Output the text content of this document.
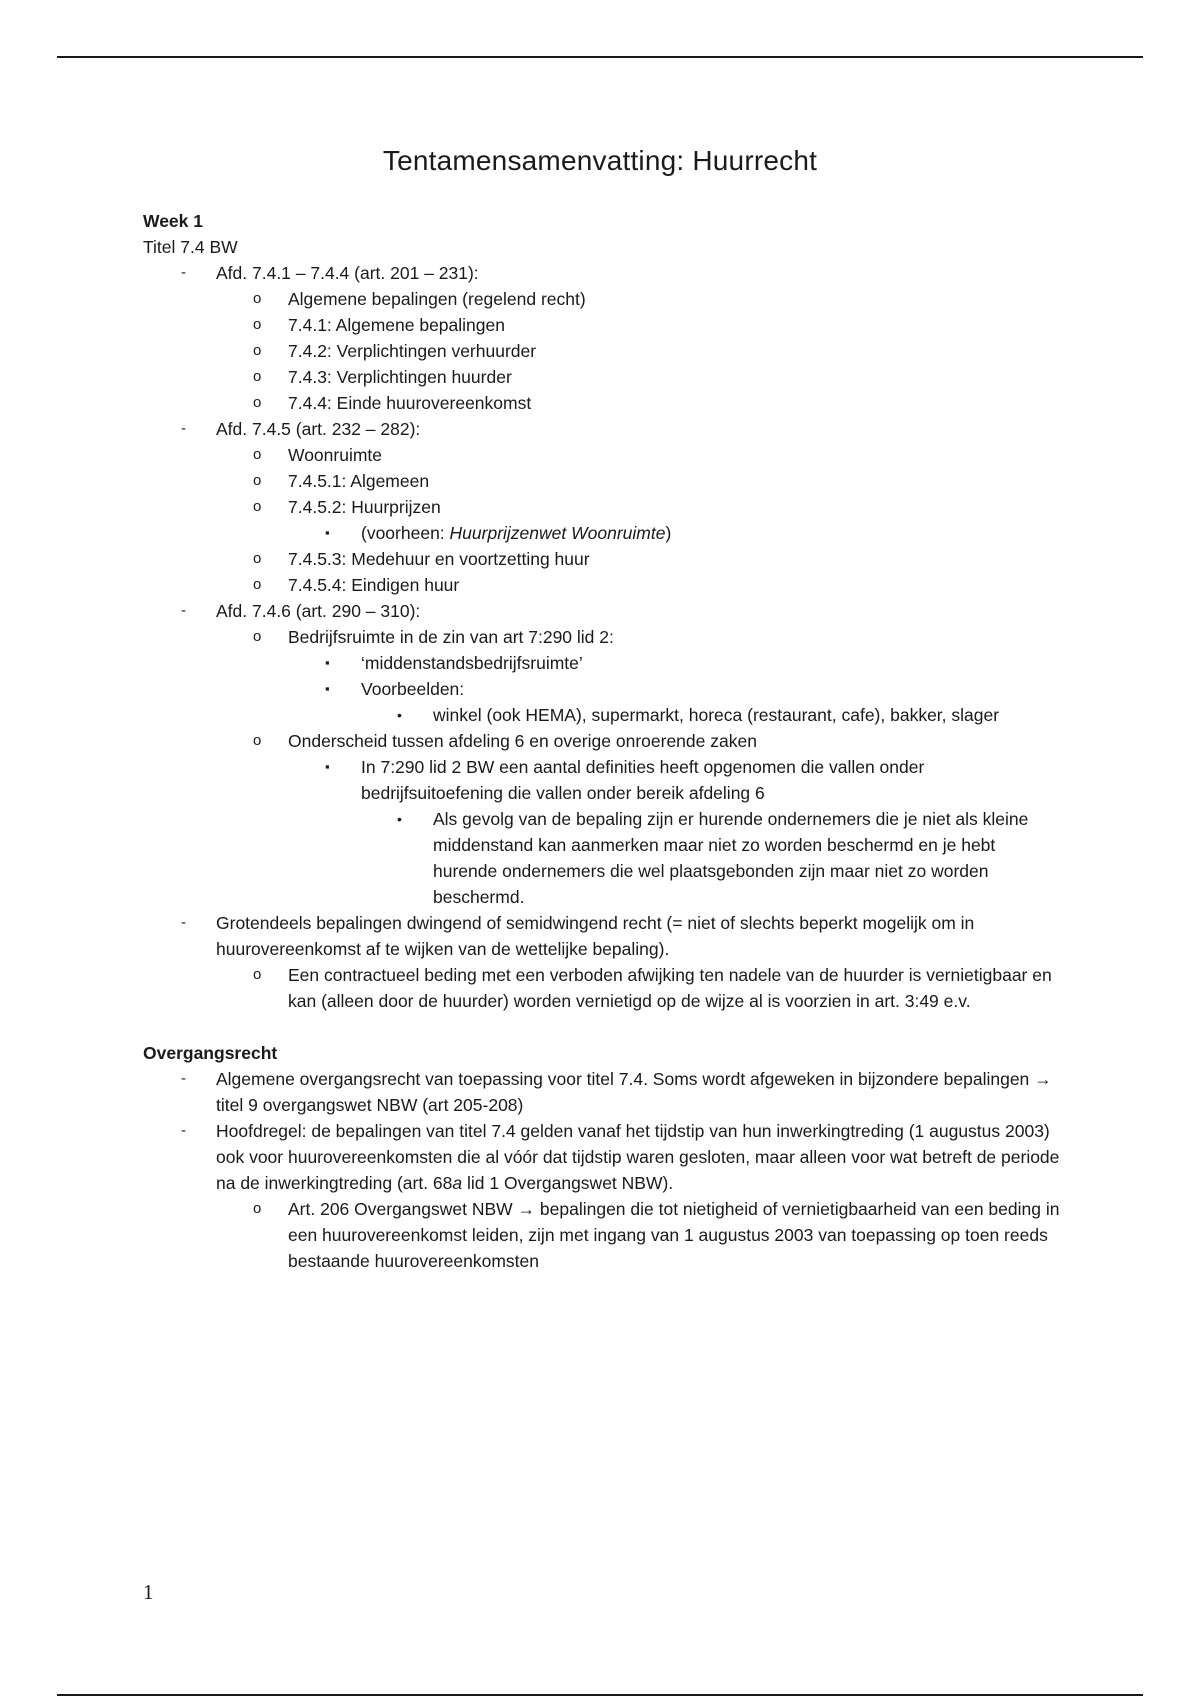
Tentamensamenvatting: Huurrecht
Week 1
Titel 7.4 BW
- Afd. 7.4.1 – 7.4.4 (art. 201 – 231):
o Algemene bepalingen (regelend recht)
o 7.4.1: Algemene bepalingen
o 7.4.2: Verplichtingen verhuurder
o 7.4.3: Verplichtingen huurder
o 7.4.4: Einde huurovereenkomst
- Afd. 7.4.5 (art. 232 – 282):
o Woonruimte
o 7.4.5.1: Algemeen
o 7.4.5.2: Huurprijzen
▪ (voorheen: Huurprijzenwet Woonruimte)
o 7.4.5.3: Medehuur en voortzetting huur
o 7.4.5.4: Eindigen huur
- Afd. 7.4.6 (art. 290 – 310):
o Bedrijfsruimte in de zin van art 7:290 lid 2:
▪ ‘middenstandsbedrijfsruimte’
▪ Voorbeelden:
• winkel (ook HEMA), supermarkt, horeca (restaurant, cafe), bakker, slager
o Onderscheid tussen afdeling 6 en overige onroerende zaken
▪ In 7:290 lid 2 BW een aantal definities heeft opgenomen die vallen onder bedrijfsuitoefening die vallen onder bereik afdeling 6
• Als gevolg van de bepaling zijn er hurende ondernemers die je niet als kleine middenstand kan aanmerken maar niet zo worden beschermd en je hebt hurende ondernemers die wel plaatsgebonden zijn maar niet zo worden beschermd.
- Grotendeels bepalingen dwingend of semidwingend recht (= niet of slechts beperkt mogelijk om in huurovereenkomst af te wijken van de wettelijke bepaling).
o Een contractueel beding met een verboden afwijking ten nadele van de huurder is vernietigbaar en kan (alleen door de huurder) worden vernietigd op de wijze al is voorzien in art. 3:49 e.v.
Overgangsrecht
- Algemene overgangsrecht van toepassing voor titel 7.4. Soms wordt afgeweken in bijzondere bepalingen → titel 9 overgangswet NBW (art 205-208)
- Hoofdregel: de bepalingen van titel 7.4 gelden vanaf het tijdstip van hun inwerkingtreding (1 augustus 2003) ook voor huurovereenkomsten die al vóór dat tijdstip waren gesloten, maar alleen voor wat betreft de periode na de inwerkingtreding (art. 68a lid 1 Overgangswet NBW).
o Art. 206 Overgangswet NBW → bepalingen die tot nietigheid of vernietigbaarheid van een beding in een huurovereenkomst leiden, zijn met ingang van 1 augustus 2003 van toepassing op toen reeds bestaande huurovereenkomsten
1
